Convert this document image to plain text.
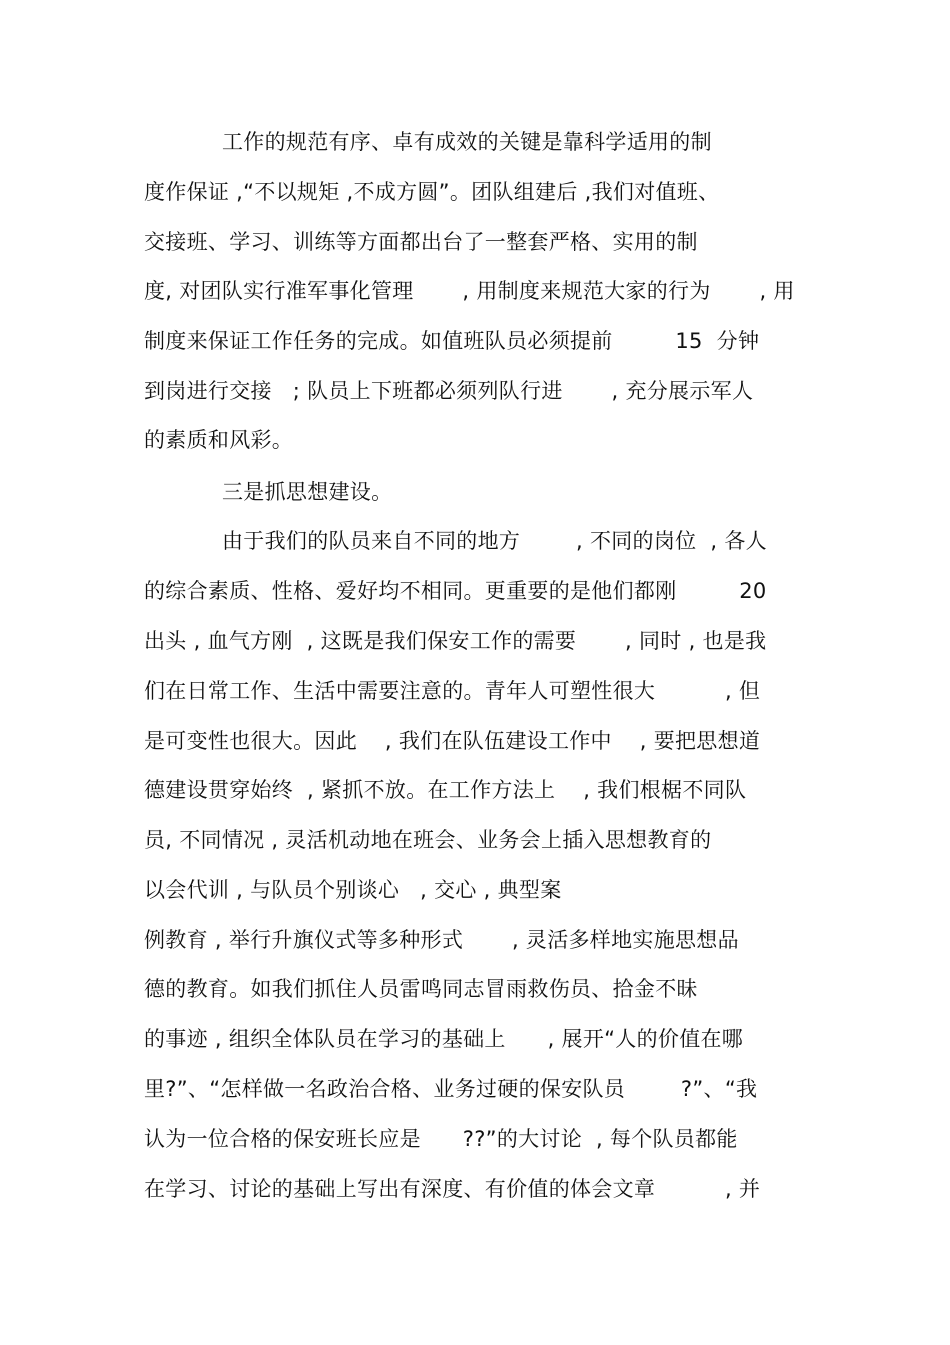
工作的规范有序、卓有成效的关键是靠科学适用的制
度作保证 ,“不以规矩 ,不成方圆”。团队组建后 ,我们对值班、
交接班、学习、训练等方面都出台了一整套严格、实用的制
度, 对团队实行准军事化管理       , 用制度来规范大家的行为       , 用
制度来保证工作任务的完成。如值班队员必须提前         15  分钟
到岗进行交接   ; 队员上下班都必须列队行进       , 充分展示军人
的素质和风彩。
三是抓思想建设。
由于我们的队员来自不同的地方        , 不同的岗位  , 各人
的综合素质、性格、爱好均不相同。更重要的是他们都刚         20
出头 , 血气方刚  , 这既是我们保安工作的需要       , 同时 , 也是我
们在日常工作、生活中需要注意的。青年人可塑性很大          , 但
是可变性也很大。因此    , 我们在队伍建设工作中    , 要把思想道
德建设贯穿始终  , 紧抓不放。在工作方法上    , 我们根椐不同队
员, 不同情况 , 灵活机动地在班会、业务会上插入思想教育的
以会代训 , 与队员个别谈心   , 交心 , 典型案
例教育 , 举行升旗仪式等多种形式       , 灵活多样地实施思想品
德的教育。如我们抓住人员雷鸣同志冒雨救伤员、拾金不昧
的事迹 , 组织全体队员在学习的基础上      , 展开“人的价值在哪
里?”、“怎样做一名政治合格、业务过硬的保安队员        ?”、“我
认为一位合格的保安班长应是      ??”的大讨论  , 每个队员都能
在学习、讨论的基础上写出有深度、有价值的体会文章          , 并
